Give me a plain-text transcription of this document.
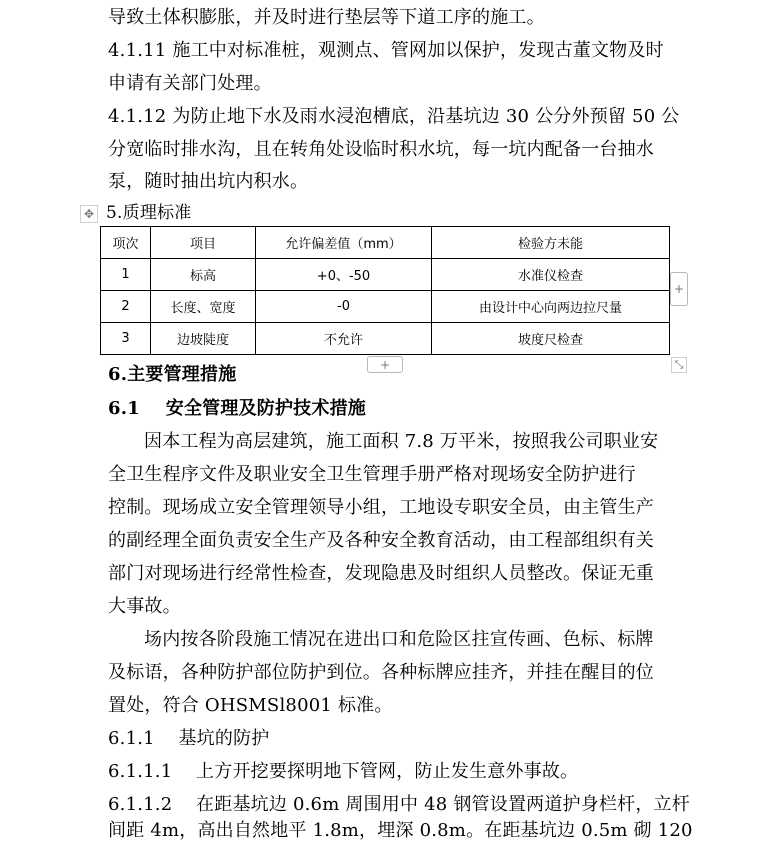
导致土体积膨胀，并及时进行垫层等下道工序的施工。
4.1.11 施工中对标准桩，观测点、管网加以保护，发现古董文物及时
申请有关部门处理。
4.1.12 为防止地下水及雨水浸泡槽底，沿基坑边 30 公分外预留 50 公
分宽临时排水沟，且在转角处设临时积水坑，每一坑内配备一台抽水
泵，随时抽出坑内积水。
✥ 5.质理标准
项次	项目	允许偏差值（mm）	检验方未能
1	标高	+0、-50	水准仪检查
2	长度、宽度	-0	由设计中心向两边拉尺量
3	边坡陡度	不允许	坡度尺检查
+
+	⤡
6.主要管理措施
6.1    安全管理及防护技术措施
因本工程为高层建筑，施工面积 7.8 万平米，按照我公司职业安
全卫生程序文件及职业安全卫生管理手册严格对现场安全防护进行
控制。现场成立安全管理领导小组，工地设专职安全员，由主管生产
的副经理全面负责安全生产及各种安全教育活动，由工程部组织有关
部门对现场进行经常性检查，发现隐患及时组织人员整改。保证无重
大事故。
场内按各阶段施工情况在进出口和危险区拄宣传画、色标、标牌
及标语，各种防护部位防护到位。各种标牌应挂齐，并挂在醒目的位
置处，符合 OHSMSl8001 标准。
6.1.1    基坑的防护
6.1.1.1    上方开挖要探明地下管网，防止发生意外事故。
6.1.1.2    在距基坑边 0.6m 周围用中 48 钢管设置两道护身栏杆，立杆
间距 4m，高出自然地平 1.8m，埋深 0.8m。在距基坑边 0.5m 砌 120
